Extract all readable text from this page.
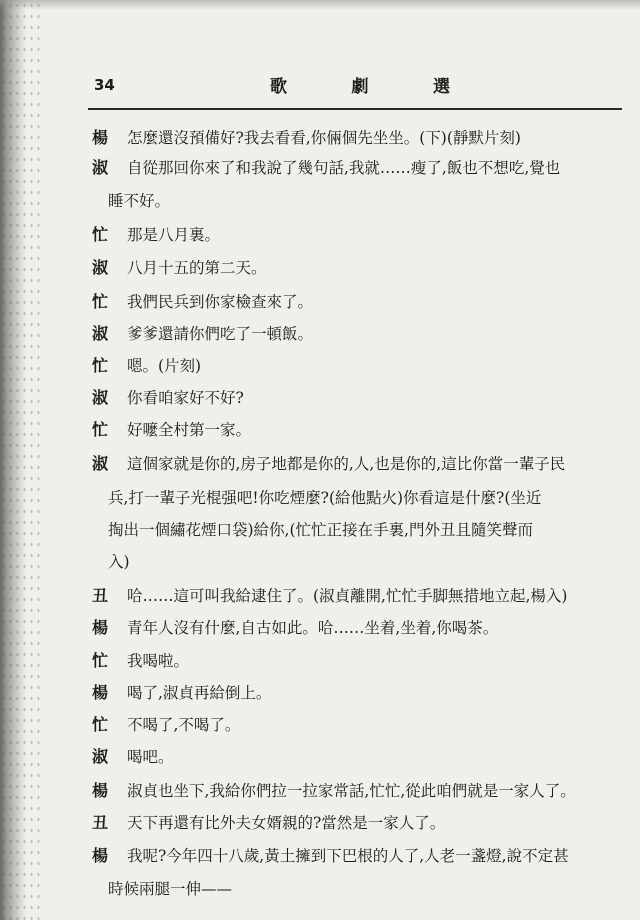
34	歌	劇	選
楊 怎麼還沒預備好?我去看看,你倆個先坐坐。(下)(靜默片刻)
淑 自從那回你來了和我說了幾句話,我就……瘦了,飯也不想吃,覺也
睡不好。
忙 那是八月裏。
淑 八月十五的第二天。
忙 我們民兵到你家檢查來了。
淑 爹爹還請你們吃了一頓飯。
忙 嗯。(片刻)
淑 你看咱家好不好?
忙 好嚒全村第一家。
淑 這個家就是你的,房子地都是你的,人,也是你的,這比你當一輩子民
兵,打一輩子光棍强吧!你吃煙麼?(給他點火)你看這是什麼?(坐近
掏出一個繡花煙口袋)給你,(忙忙正接在手裏,門外丑且隨笑聲而
入)
丑 哈……這可叫我給逮住了。(淑貞離開,忙忙手脚無措地立起,楊入)
楊 青年人沒有什麼,自古如此。哈……坐着,坐着,你喝茶。
忙 我喝啦。
楊 喝了,淑貞再給倒上。
忙 不喝了,不喝了。
淑 喝吧。
楊 淑貞也坐下,我給你們拉一拉家常話,忙忙,從此咱們就是一家人了。
丑 天下再還有比外夫女婿親的?當然是一家人了。
楊 我呢?今年四十八歲,黃土擁到下巴根的人了,人老一盞燈,說不定甚
時候兩腿一伸——
